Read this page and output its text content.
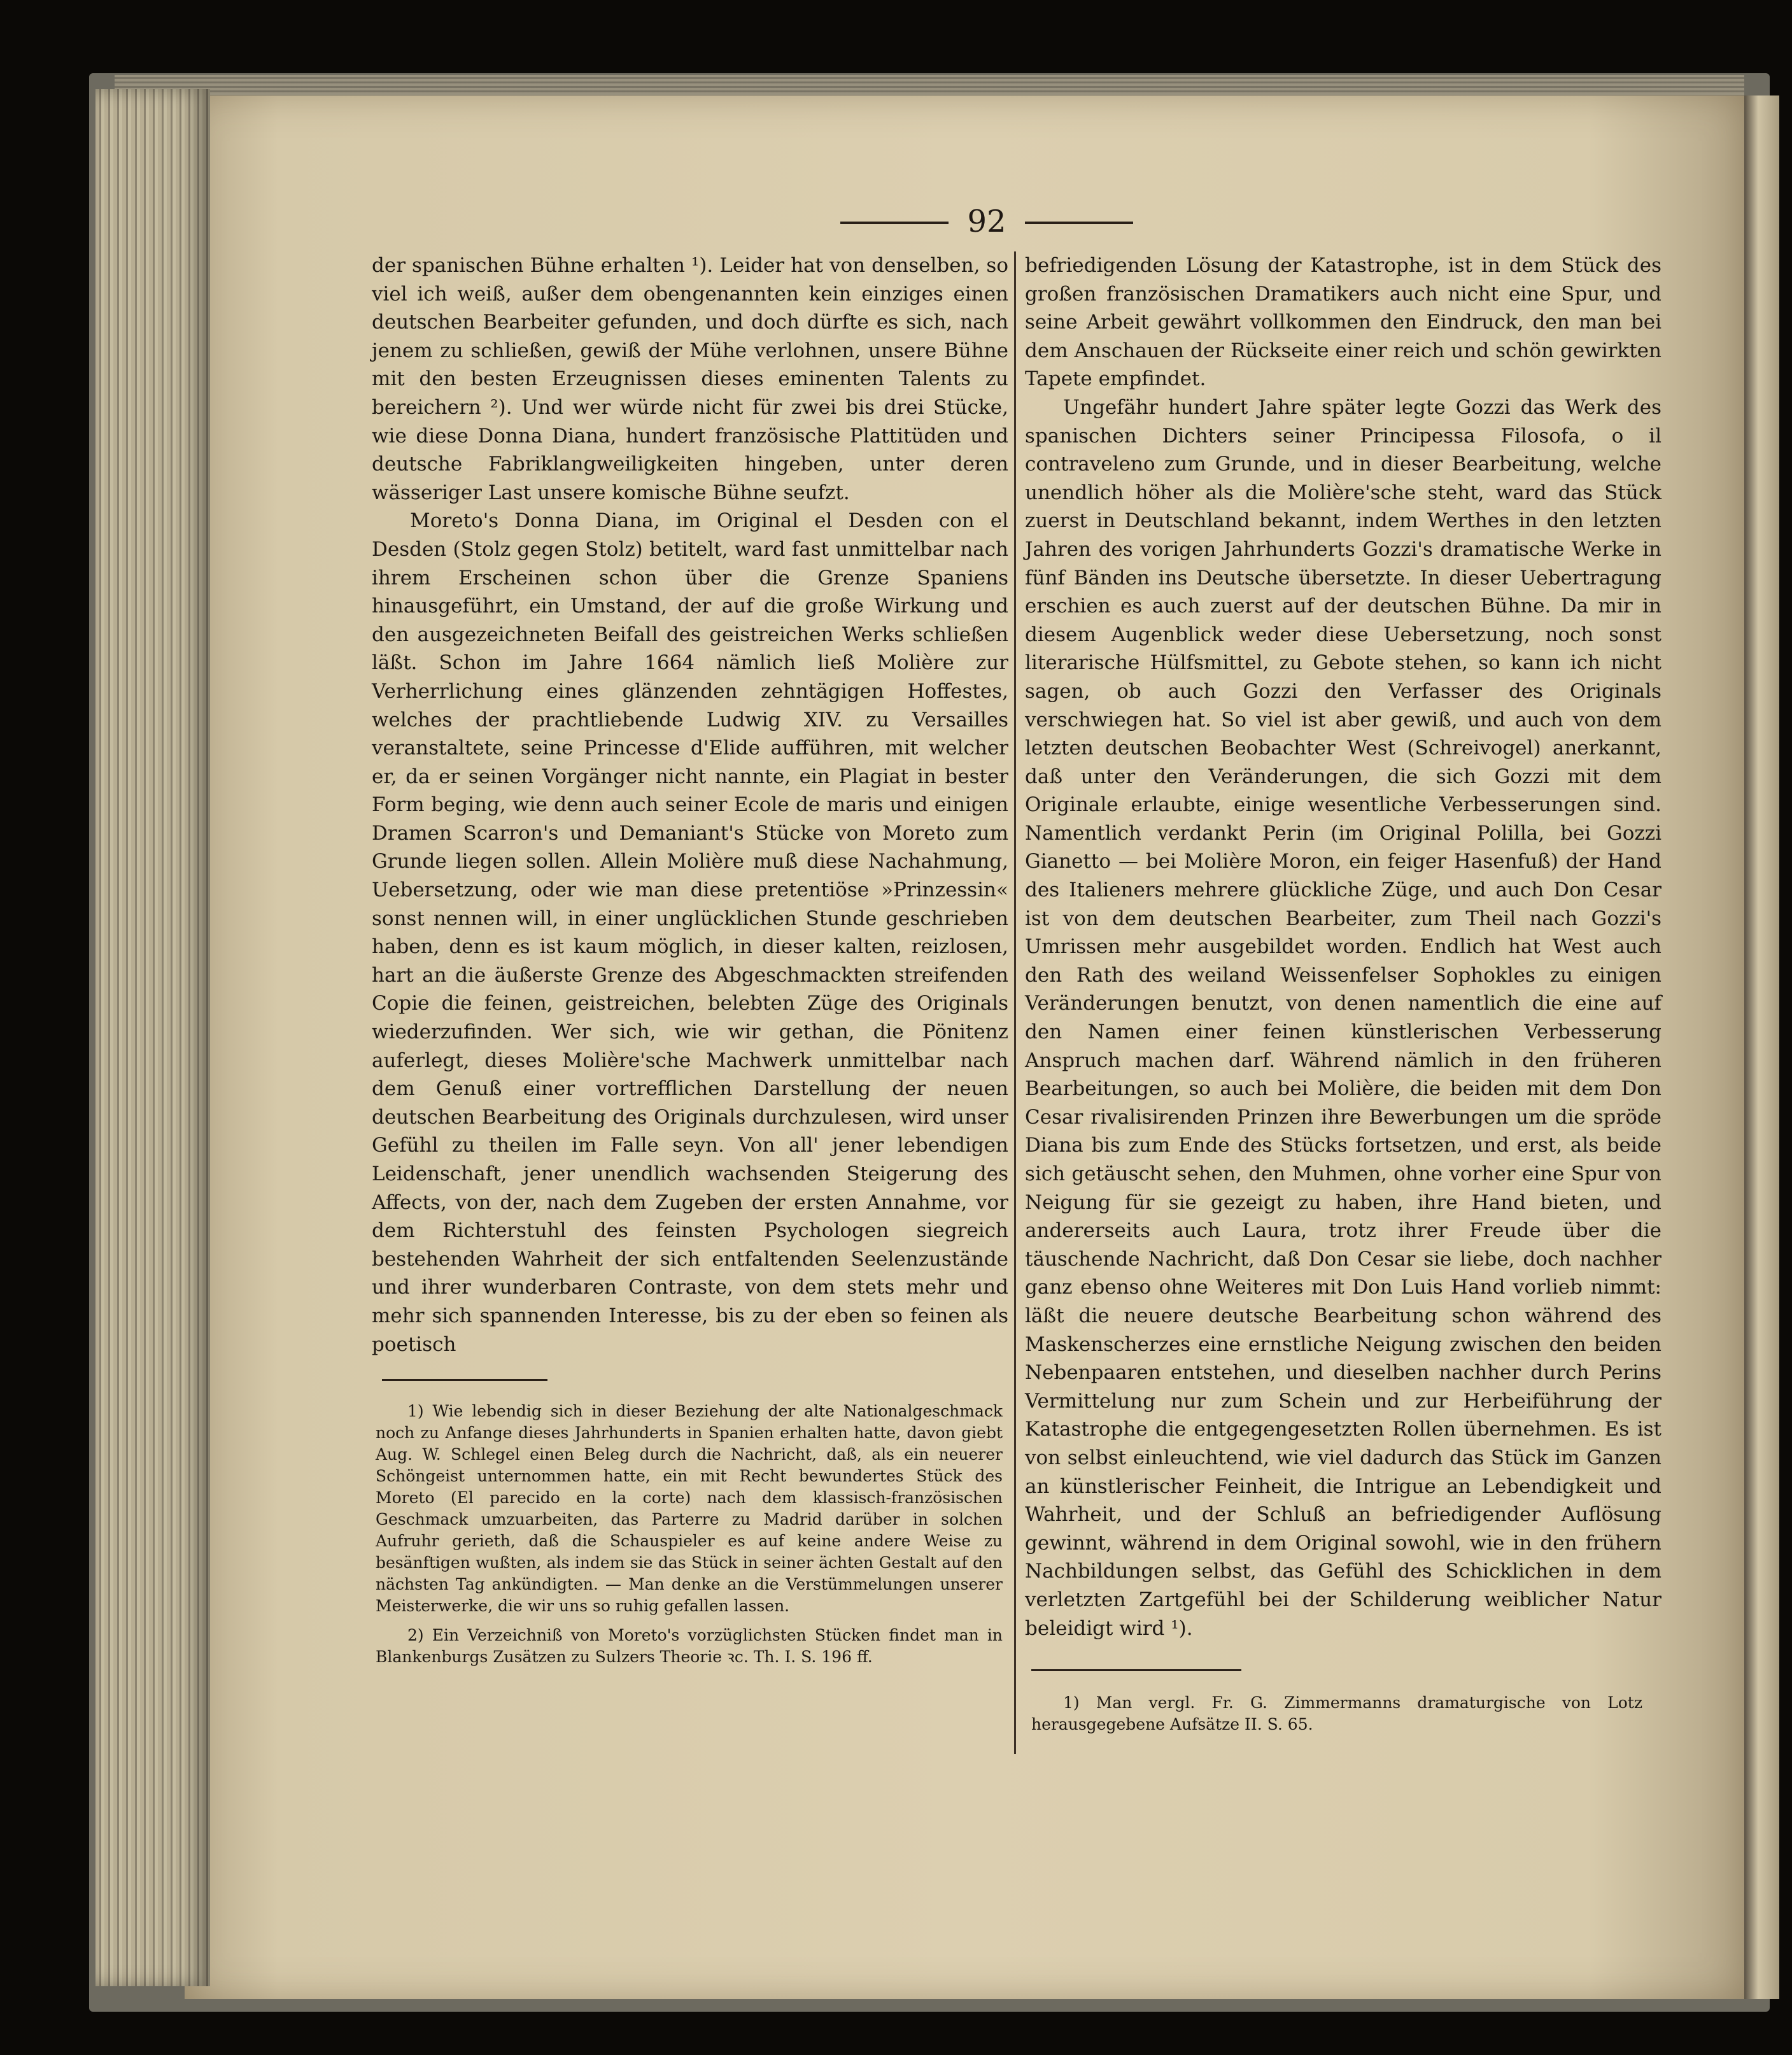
92

der spanischen Bühne erhalten ¹). Leider hat von denselben, so viel ich weiß, außer dem obengenannten kein einziges einen deutschen Bearbeiter gefunden, und doch dürfte es sich, nach jenem zu schließen, gewiß der Mühe verlohnen, unsere Bühne mit den besten Erzeugnissen dieses eminenten Talents zu bereichern ²). Und wer würde nicht für zwei bis drei Stücke, wie diese Donna Diana, hundert französische Plattitüden und deutsche Fabriklangweiligkeiten hingeben, unter deren wässeriger Last unsere komische Bühne seufzt.

Moreto's Donna Diana, im Original el Desden con el Desden (Stolz gegen Stolz) betitelt, ward fast unmittelbar nach ihrem Erscheinen schon über die Grenze Spaniens hinausgeführt, ein Umstand, der auf die große Wirkung und den ausgezeichneten Beifall des geistreichen Werks schließen läßt. Schon im Jahre 1664 nämlich ließ Molière zur Verherrlichung eines glänzenden zehntägigen Hoffestes, welches der prachtliebende Ludwig XIV. zu Versailles veranstaltete, seine Princesse d'Elide aufführen, mit welcher er, da er seinen Vorgänger nicht nannte, ein Plagiat in bester Form beging, wie denn auch seiner Ecole de maris und einigen Dramen Scarron's und Demaniant's Stücke von Moreto zum Grunde liegen sollen. Allein Molière muß diese Nachahmung, Uebersetzung, oder wie man diese pretentiöse »Prinzessin« sonst nennen will, in einer unglücklichen Stunde geschrieben haben, denn es ist kaum möglich, in dieser kalten, reizlosen, hart an die äußerste Grenze des Abgeschmackten streifenden Copie die feinen, geistreichen, belebten Züge des Originals wiederzufinden. Wer sich, wie wir gethan, die Pönitenz auferlegt, dieses Molière'sche Machwerk unmittelbar nach dem Genuß einer vortrefflichen Darstellung der neuen deutschen Bearbeitung des Originals durchzulesen, wird unser Gefühl zu theilen im Falle seyn. Von all' jener lebendigen Leidenschaft, jener unendlich wachsenden Steigerung des Affects, von der, nach dem Zugeben der ersten Annahme, vor dem Richterstuhl des feinsten Psychologen siegreich bestehenden Wahrheit der sich entfaltenden Seelenzustände und ihrer wunderbaren Contraste, von dem stets mehr und mehr sich spannenden Interesse, bis zu der eben so feinen als poetisch

befriedigenden Lösung der Katastrophe, ist in dem Stück des großen französischen Dramatikers auch nicht eine Spur, und seine Arbeit gewährt vollkommen den Eindruck, den man bei dem Anschauen der Rückseite einer reich und schön gewirkten Tapete empfindet.

Ungefähr hundert Jahre später legte Gozzi das Werk des spanischen Dichters seiner Principessa Filosofa, o il contraveleno zum Grunde, und in dieser Bearbeitung, welche unendlich höher als die Molière'sche steht, ward das Stück zuerst in Deutschland bekannt, indem Werthes in den letzten Jahren des vorigen Jahrhunderts Gozzi's dramatische Werke in fünf Bänden ins Deutsche übersetzte. In dieser Uebertragung erschien es auch zuerst auf der deutschen Bühne. Da mir in diesem Augenblick weder diese Uebersetzung, noch sonst literarische Hülfsmittel, zu Gebote stehen, so kann ich nicht sagen, ob auch Gozzi den Verfasser des Originals verschwiegen hat. So viel ist aber gewiß, und auch von dem letzten deutschen Beobachter West (Schreivogel) anerkannt, daß unter den Veränderungen, die sich Gozzi mit dem Originale erlaubte, einige wesentliche Verbesserungen sind. Namentlich verdankt Perin (im Original Polilla, bei Gozzi Gianetto — bei Molière Moron, ein feiger Hasenfuß) der Hand des Italieners mehrere glückliche Züge, und auch Don Cesar ist von dem deutschen Bearbeiter, zum Theil nach Gozzi's Umrissen mehr ausgebildet worden. Endlich hat West auch den Rath des weiland Weissenfelser Sophokles zu einigen Veränderungen benutzt, von denen namentlich die eine auf den Namen einer feinen künstlerischen Verbesserung Anspruch machen darf. Während nämlich in den früheren Bearbeitungen, so auch bei Molière, die beiden mit dem Don Cesar rivalisirenden Prinzen ihre Bewerbungen um die spröde Diana bis zum Ende des Stücks fortsetzen, und erst, als beide sich getäuscht sehen, den Muhmen, ohne vorher eine Spur von Neigung für sie gezeigt zu haben, ihre Hand bieten, und andererseits auch Laura, trotz ihrer Freude über die täuschende Nachricht, daß Don Cesar sie liebe, doch nachher ganz ebenso ohne Weiteres mit Don Luis Hand vorlieb nimmt: läßt die neuere deutsche Bearbeitung schon während des Maskenscherzes eine ernstliche Neigung zwischen den beiden Nebenpaaren entstehen, und dieselben nachher durch Perins Vermittelung nur zum Schein und zur Herbeiführung der Katastrophe die entgegengesetzten Rollen übernehmen. Es ist von selbst einleuchtend, wie viel dadurch das Stück im Ganzen an künstlerischer Feinheit, die Intrigue an Lebendigkeit und Wahrheit, und der Schluß an befriedigender Auflösung gewinnt, während in dem Original sowohl, wie in den frühern Nachbildungen selbst, das Gefühl des Schicklichen in dem verletzten Zartgefühl bei der Schilderung weiblicher Natur beleidigt wird ¹).

1) Wie lebendig sich in dieser Beziehung der alte Nationalgeschmack noch zu Anfange dieses Jahrhunderts in Spanien erhalten hatte, davon giebt Aug. W. Schlegel einen Beleg durch die Nachricht, daß, als ein neuerer Schöngeist unternommen hatte, ein mit Recht bewundertes Stück des Moreto (El parecido en la corte) nach dem klassisch-französischen Geschmack umzuarbeiten, das Parterre zu Madrid darüber in solchen Aufruhr gerieth, daß die Schauspieler es auf keine andere Weise zu besänftigen wußten, als indem sie das Stück in seiner ächten Gestalt auf den nächsten Tag ankündigten. — Man denke an die Verstümmelungen unserer Meisterwerke, die wir uns so ruhig gefallen lassen.

2) Ein Verzeichniß von Moreto's vorzüglichsten Stücken findet man in Blankenburgs Zusätzen zu Sulzers Theorie ꝛc. Th. I. S. 196 ff.

1) Man vergl. Fr. G. Zimmermanns dramaturgische von Lotz herausgegebene Aufsätze II. S. 65.
